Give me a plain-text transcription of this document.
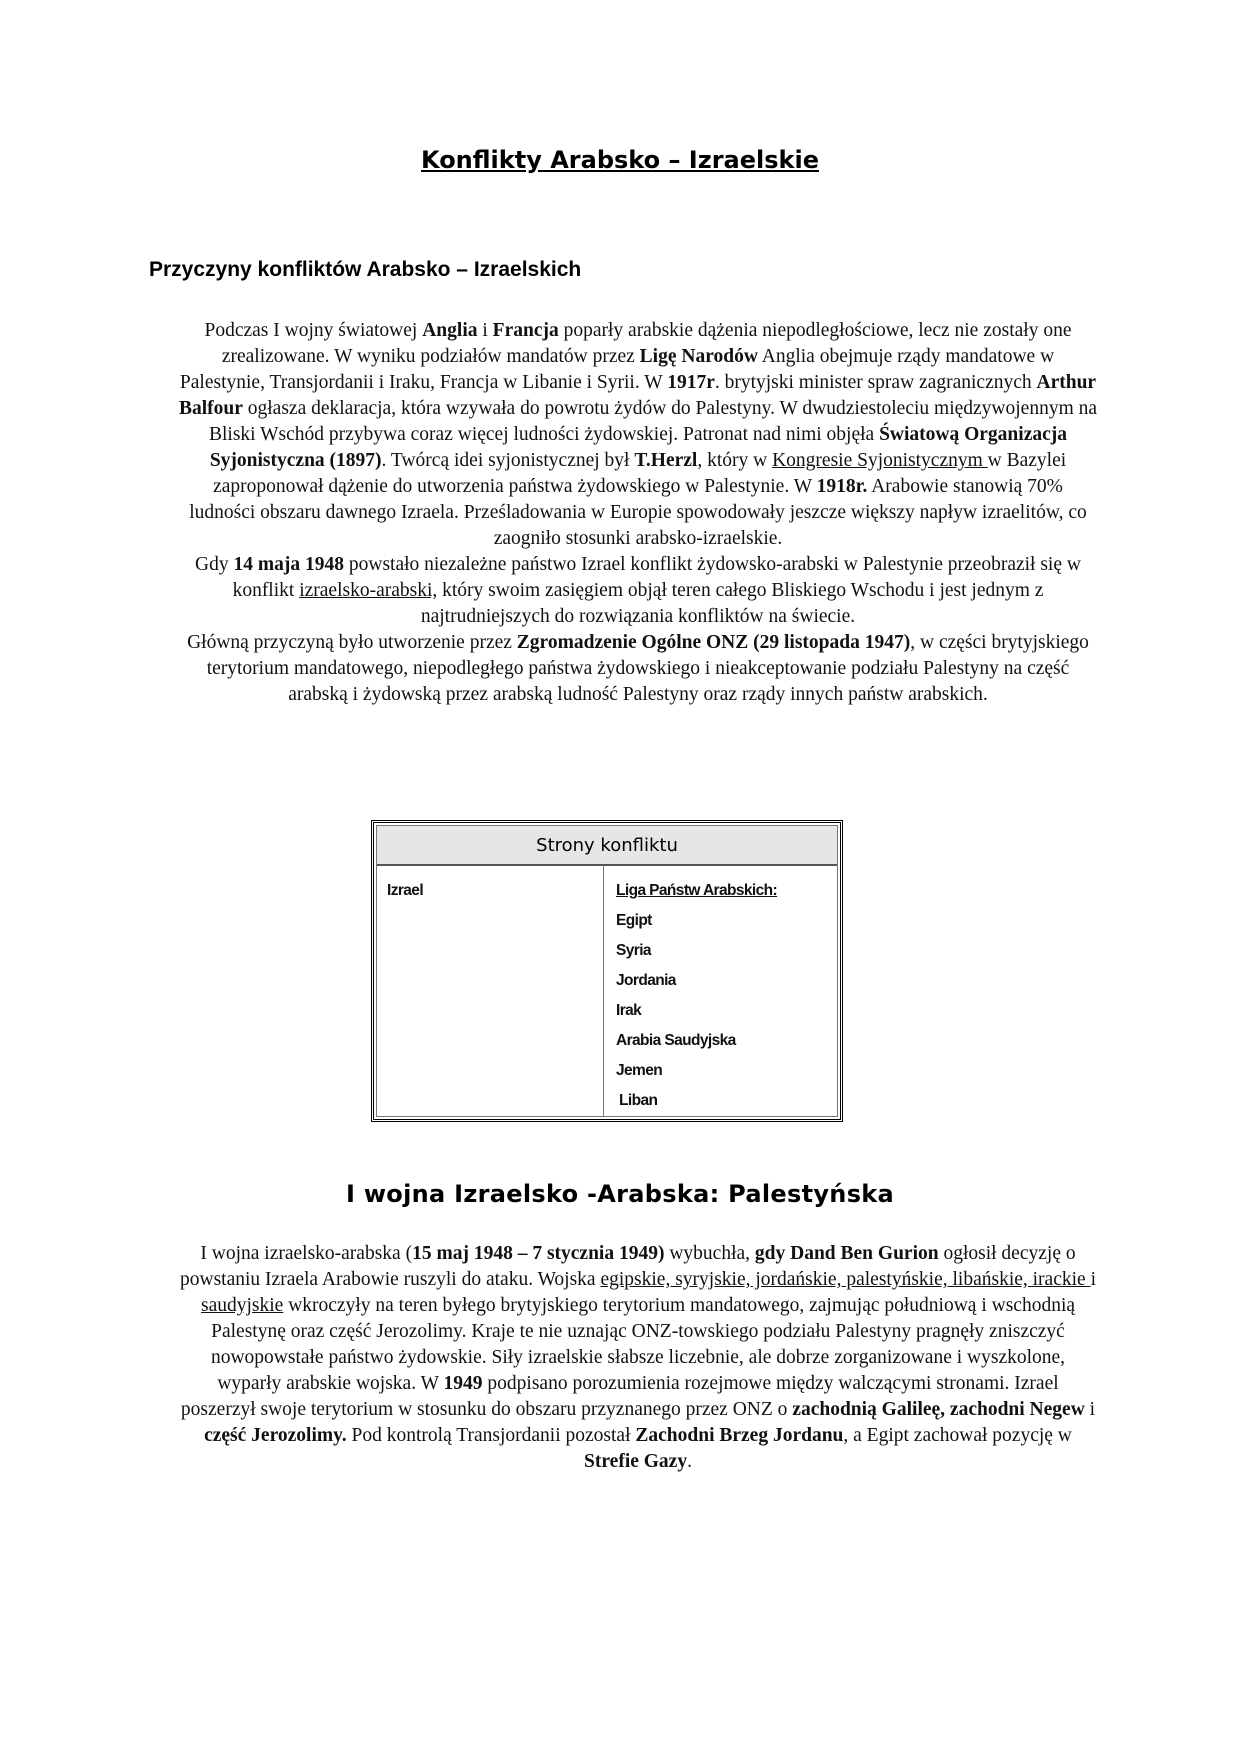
Konflikty Arabsko – Izraelskie
Przyczyny konfliktów Arabsko – Izraelskich

Podczas I wojny światowej Anglia i Francja poparły arabskie dążenia niepodległościowe, lecz nie zostały one zrealizowane. W wyniku podziałów mandatów przez Ligę Narodów Anglia obejmuje rządy mandatowe w Palestynie, Transjordanii i Iraku, Francja w Libanie i Syrii. W 1917r. brytyjski minister spraw zagranicznych Arthur Balfour ogłasza deklaracja, która wzywała do powrotu żydów do Palestyny. W dwudziestoleciu międzywojennym na Bliski Wschód przybywa coraz więcej ludności żydowskiej. Patronat nad nimi objęła Światową Organizacja Syjonistyczna (1897). Twórcą idei syjonistycznej był T.Herzl, który w Kongresie Syjonistycznym w Bazylei zaproponował dążenie do utworzenia państwa żydowskiego w Palestynie. W 1918r. Arabowie stanowią 70% ludności obszaru dawnego Izraela. Prześladowania w Europie spowodowały jeszcze większy napływ izraelitów, co zaogniło stosunki arabsko-izraelskie.

Gdy 14 maja 1948 powstało niezależne państwo Izrael konflikt żydowsko-arabski w Palestynie przeobraził się w konflikt izraelsko-arabski, który swoim zasięgiem objął teren całego Bliskiego Wschodu i jest jednym z najtrudniejszych do rozwiązania konfliktów na świecie.

Główną przyczyną było utworzenie przez Zgromadzenie Ogólne ONZ (29 listopada 1947), w części brytyjskiego terytorium mandatowego, niepodległego państwa żydowskiego i nieakceptowanie podziału Palestyny na część arabską i żydowską przez arabską ludność Palestyny oraz rządy innych państw arabskich.

Strony konfliktu
Izrael	Liga Państw Arabskich:
Egipt
Syria
Jordania
Irak
Arabia Saudyjska
Jemen
Liban
I wojna Izraelsko -Arabska: Palestyńska

I wojna izraelsko-arabska (15 maj 1948 – 7 stycznia 1949) wybuchła, gdy Dand Ben Gurion ogłosił decyzję o powstaniu Izraela Arabowie ruszyli do ataku. Wojska egipskie, syryjskie, jordańskie, palestyńskie, libańskie, irackie i saudyjskie wkroczyły na teren byłego brytyjskiego terytorium mandatowego, zajmując południową i wschodnią Palestynę oraz część Jerozolimy. Kraje te nie uznając ONZ-towskiego podziału Palestyny pragnęły zniszczyć nowopowstałe państwo żydowskie. Siły izraelskie słabsze liczebnie, ale dobrze zorganizowane i wyszkolone, wyparły arabskie wojska. W 1949 podpisano porozumienia rozejmowe między walczącymi stronami. Izrael poszerzył swoje terytorium w stosunku do obszaru przyznanego przez ONZ o zachodnią Galileę, zachodni Negew i część Jerozolimy. Pod kontrolą Transjordanii pozostał Zachodni Brzeg Jordanu, a Egipt zachował pozycję w Strefie Gazy.
